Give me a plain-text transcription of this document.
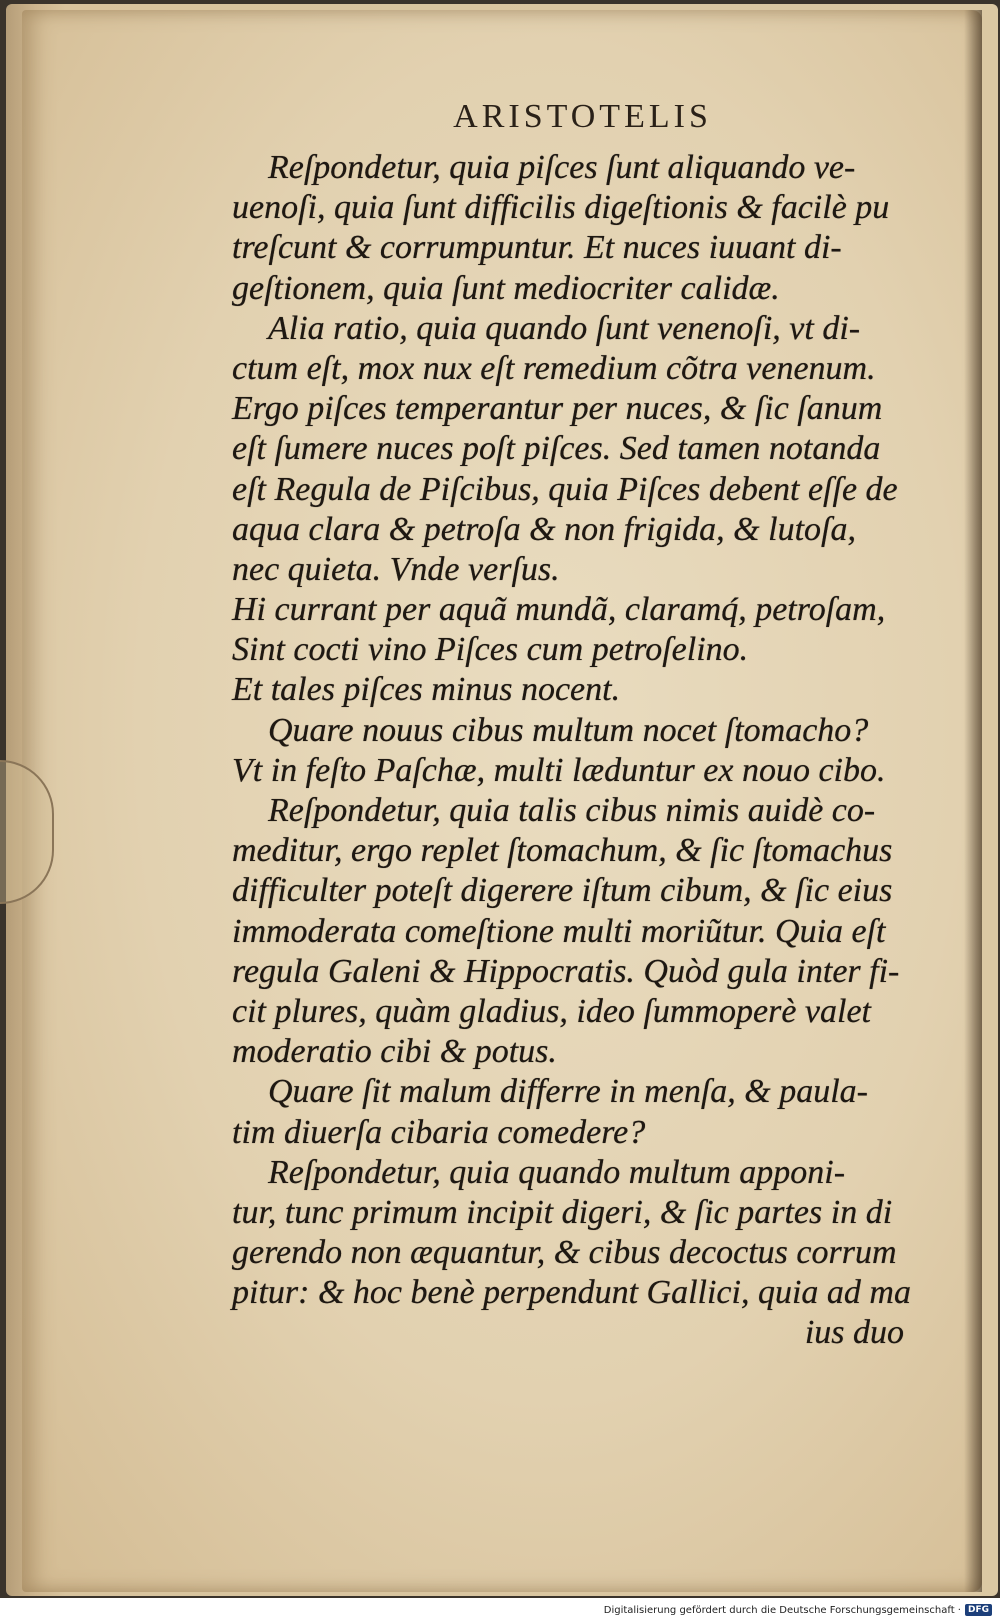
ARISTOTELIS
Reſpondetur, quia piſces ſunt aliquando ve-
uenoſi, quia ſunt difficilis digeſtionis & facilè pu
treſcunt & corrumpuntur. Et nuces iuuant di-
geſtionem, quia ſunt mediocriter calidæ.
Alia ratio, quia quando ſunt venenoſi, vt di-
ctum eſt, mox nux eſt remedium cõtra venenum.
Ergo piſces temperantur per nuces, & ſic ſanum
eſt ſumere nuces poſt piſces. Sed tamen notanda
eſt Regula de Piſcibus, quia Piſces debent eſſe de
aqua clara & petroſa & non frigida, & lutoſa,
nec quieta. Vnde verſus.
Hi currant per aquã mundã, claramq́, petroſam,
Sint cocti vino Piſces cum petroſelino.
Et tales piſces minus nocent.
Quare nouus cibus multum nocet ſtomacho?
Vt in feſto Paſchæ, multi læduntur ex nouo cibo.
Reſpondetur, quia talis cibus nimis auidè co-
meditur, ergo replet ſtomachum, & ſic ſtomachus
difficulter poteſt digerere iſtum cibum, & ſic eius
immoderata comeſtione multi moriũtur. Quia eſt
regula Galeni & Hippocratis. Quòd gula inter fi-
cit plures, quàm gladius, ideo ſummoperè valet
moderatio cibi & potus.
Quare ſit malum differre in menſa, & paula-
tim diuerſa cibaria comedere?
Reſpondetur, quia quando multum apponi-
tur, tunc primum incipit digeri, & ſic partes in di
gerendo non æquantur, & cibus decoctus corrum
pitur: & hoc benè perpendunt Gallici, quia ad ma
ius duo
Digitalisierung gefördert durch die Deutsche Forschungsgemeinschaft · DFG
